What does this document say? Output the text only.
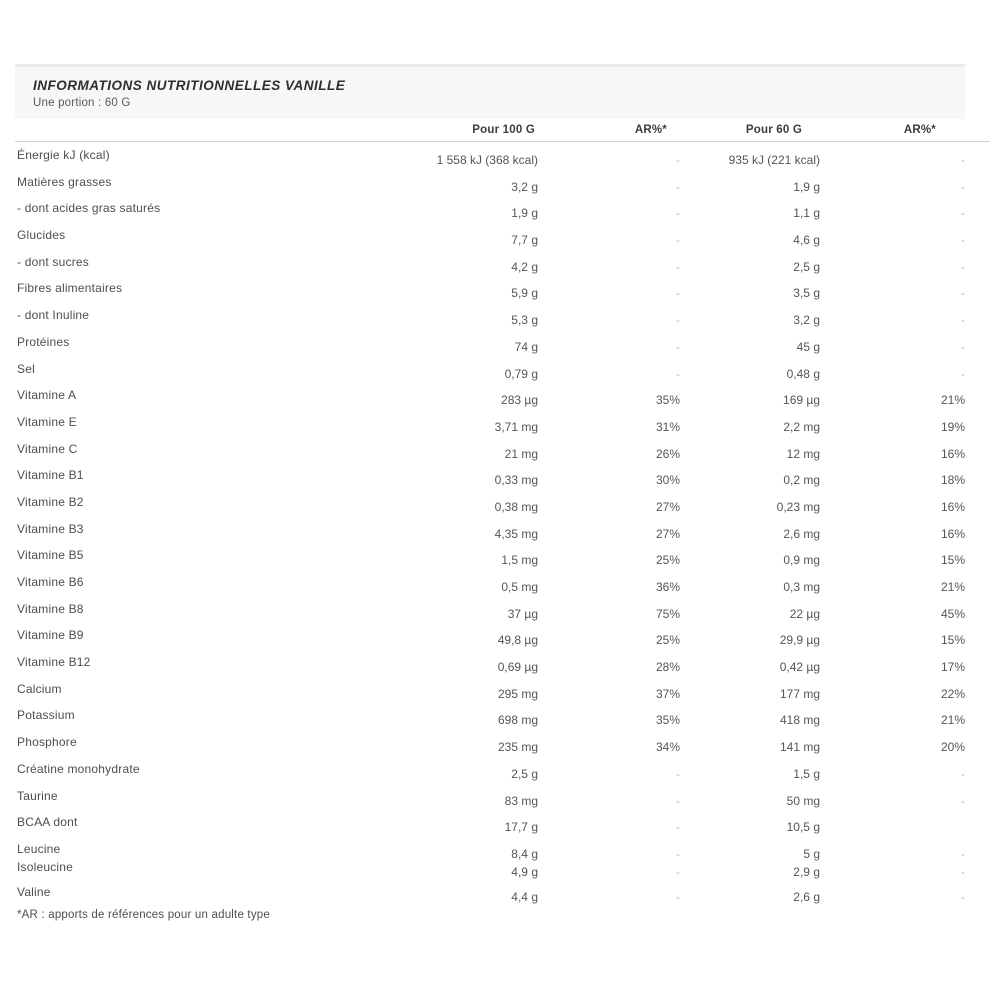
INFORMATIONS NUTRITIONNELLES VANILLE
Une portion : 60 G
Pour 100 G	AR%*	Pour 60 G	AR%*
Énergie kJ (kcal)	1 558 kJ (368 kcal)	-	935 kJ (221 kcal)	-
Matières grasses	3,2 g	-	1,9 g	-
- dont acides gras saturés	1,9 g	-	1,1 g	-
Glucides	7,7 g	-	4,6 g	-
- dont sucres	4,2 g	-	2,5 g	-
Fibres alimentaires	5,9 g	-	3,5 g	-
- dont Inuline	5,3 g	-	3,2 g	-
Protéines	74 g	-	45 g	-
Sel	0,79 g	-	0,48 g	-
Vitamine A	283 µg	35%	169 µg	21%
Vitamine E	3,71 mg	31%	2,2 mg	19%
Vitamine C	21 mg	26%	12 mg	16%
Vitamine B1	0,33 mg	30%	0,2 mg	18%
Vitamine B2	0,38 mg	27%	0,23 mg	16%
Vitamine B3	4,35 mg	27%	2,6 mg	16%
Vitamine B5	1,5 mg	25%	0,9 mg	15%
Vitamine B6	0,5 mg	36%	0,3 mg	21%
Vitamine B8	37 µg	75%	22 µg	45%
Vitamine B9	49,8 µg	25%	29,9 µg	15%
Vitamine B12	0,69 µg	28%	0,42 µg	17%
Calcium	295 mg	37%	177 mg	22%
Potassium	698 mg	35%	418 mg	21%
Phosphore	235 mg	34%	141 mg	20%
Créatine monohydrate	2,5 g	-	1,5 g	-
Taurine	83 mg	-	50 mg	-
BCAA dont	17,7 g	-	10,5 g
Leucine	8,4 g	-	5 g	-
Isoleucine	4,9 g	-	2,9 g	-
Valine	4,4 g	-	2,6 g	-
*AR : apports de références pour un adulte type
